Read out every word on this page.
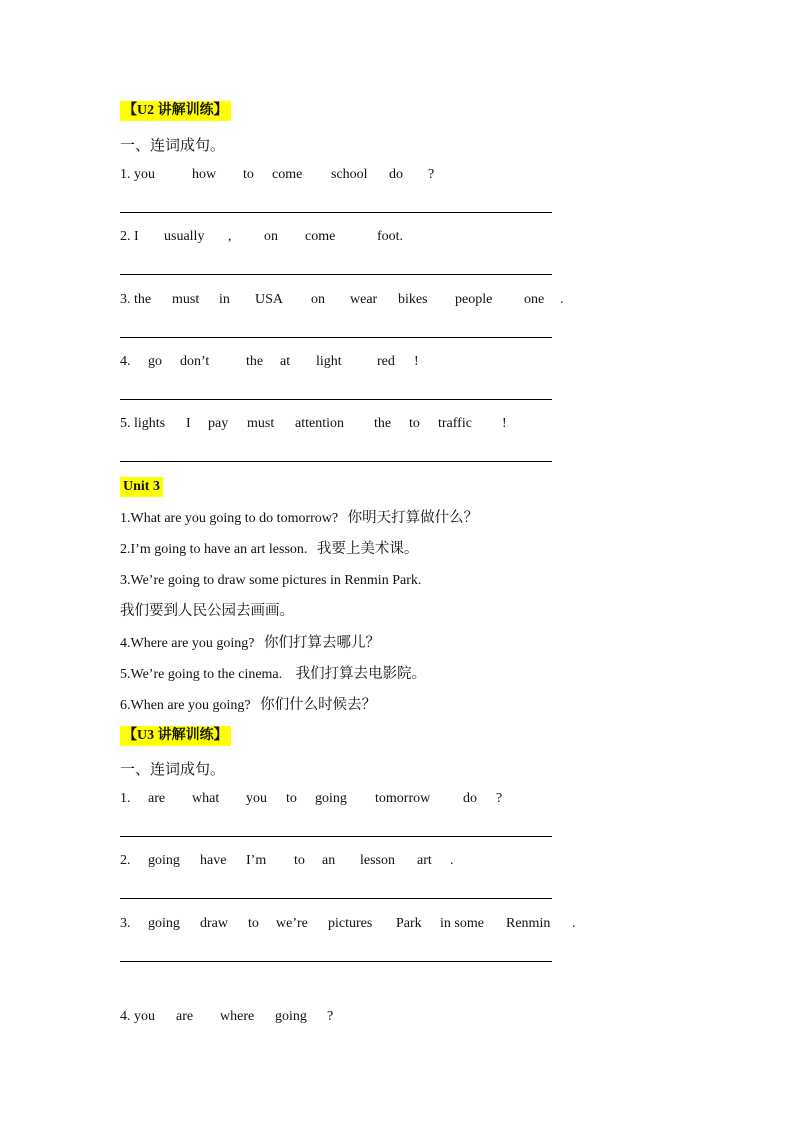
【U2 讲解训练】
一、连词成句。
1. you	how to come school do ?
2. I usually , on come	foot.
3. the must in USA on wear bikes people one .
4. go don’t	the at light	red !
5. lights I pay must attention the to traffic !
Unit 3
1.What are you going to do tomorrow? 你明天打算做什么？
2.I’m going to have an art lesson. 我要上美术课。
3.We’re going to draw some pictures in Renmin Park.
我们要到人民公园去画画。
4.Where are you going? 你们打算去哪儿？
5.We’re going to the cinema. 我们打算去电影院。
6.When are you going? 你们什么时候去？
【U3 讲解训练】
一、连词成句。
1. are what you to going tomorrow do ?
2. going have I’m to an lesson art .
3. going draw to we’re pictures Park in some Renmin .
4. you are where going ?
